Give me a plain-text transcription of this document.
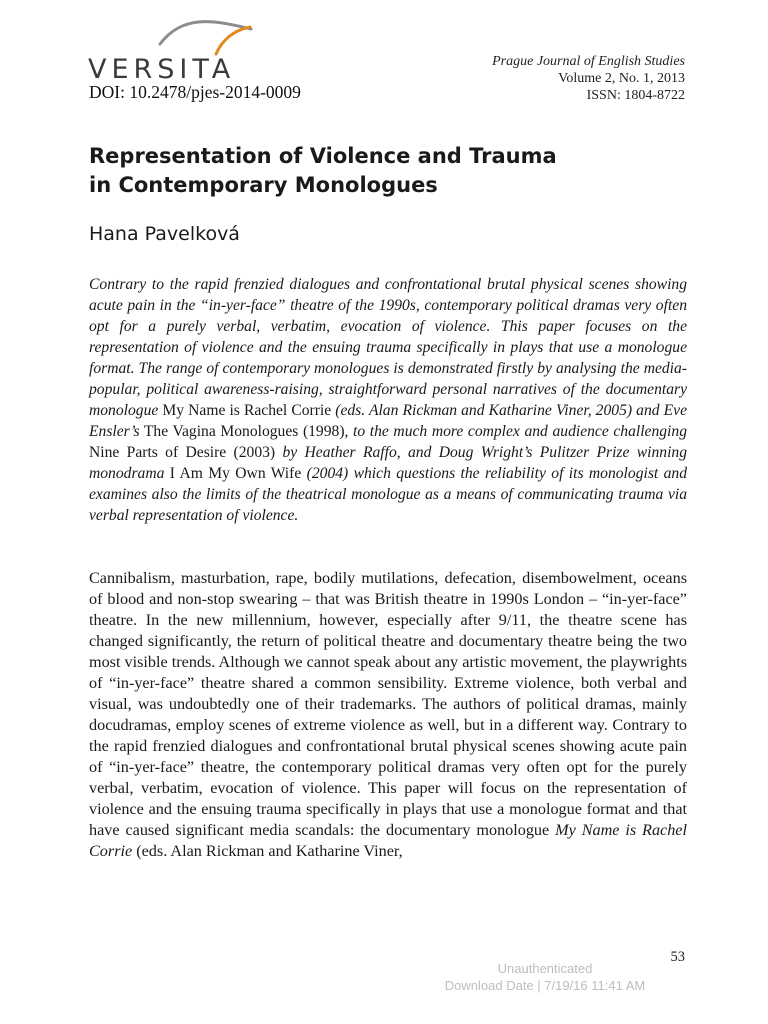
VERSITA
DOI: 10.2478/pjes-2014-0009
Prague Journal of English Studies
Volume 2, No. 1, 2013
ISSN: 1804-8722
Representation of Violence and Trauma
in Contemporary Monologues
Hana Pavelková
Contrary to the rapid frenzied dialogues and confrontational brutal physical scenes showing acute pain in the “in-yer-face” theatre of the 1990s, contemporary political dramas very often opt for a purely verbal, verbatim, evocation of violence. This paper focuses on the representation of violence and the ensuing trauma specifically in plays that use a monologue format. The range of contemporary monologues is demonstrated firstly by analysing the media-popular, political awareness-raising, straightforward personal narratives of the documentary monologue My Name is Rachel Corrie (eds. Alan Rickman and Katharine Viner, 2005) and Eve Ensler’s The Vagina Monologues (1998), to the much more complex and audience challenging Nine Parts of Desire (2003) by Heather Raffo, and Doug Wright’s Pulitzer Prize winning monodrama I Am My Own Wife (2004) which questions the reliability of its monologist and examines also the limits of the theatrical monologue as a means of communicating trauma via verbal representation of violence.
Cannibalism, masturbation, rape, bodily mutilations, defecation, disembowelment, oceans of blood and non-stop swearing – that was British theatre in 1990s London – “in-yer-face” theatre. In the new millennium, however, especially after 9/11, the theatre scene has changed significantly, the return of political theatre and documentary theatre being the two most visible trends. Although we cannot speak about any artistic movement, the playwrights of “in-yer-face” theatre shared a common sensibility. Extreme violence, both verbal and visual, was undoubtedly one of their trademarks. The authors of political dramas, mainly docudramas, employ scenes of extreme violence as well, but in a different way. Contrary to the rapid frenzied dialogues and confrontational brutal physical scenes showing acute pain of “in-yer-face” theatre, the contemporary political dramas very often opt for the purely verbal, verbatim, evocation of violence. This paper will focus on the representation of violence and the ensuing trauma specifically in plays that use a monologue format and that have caused significant media scandals: the documentary monologue My Name is Rachel Corrie (eds. Alan Rickman and Katharine Viner,
53
Unauthenticated
Download Date | 7/19/16 11:41 AM
